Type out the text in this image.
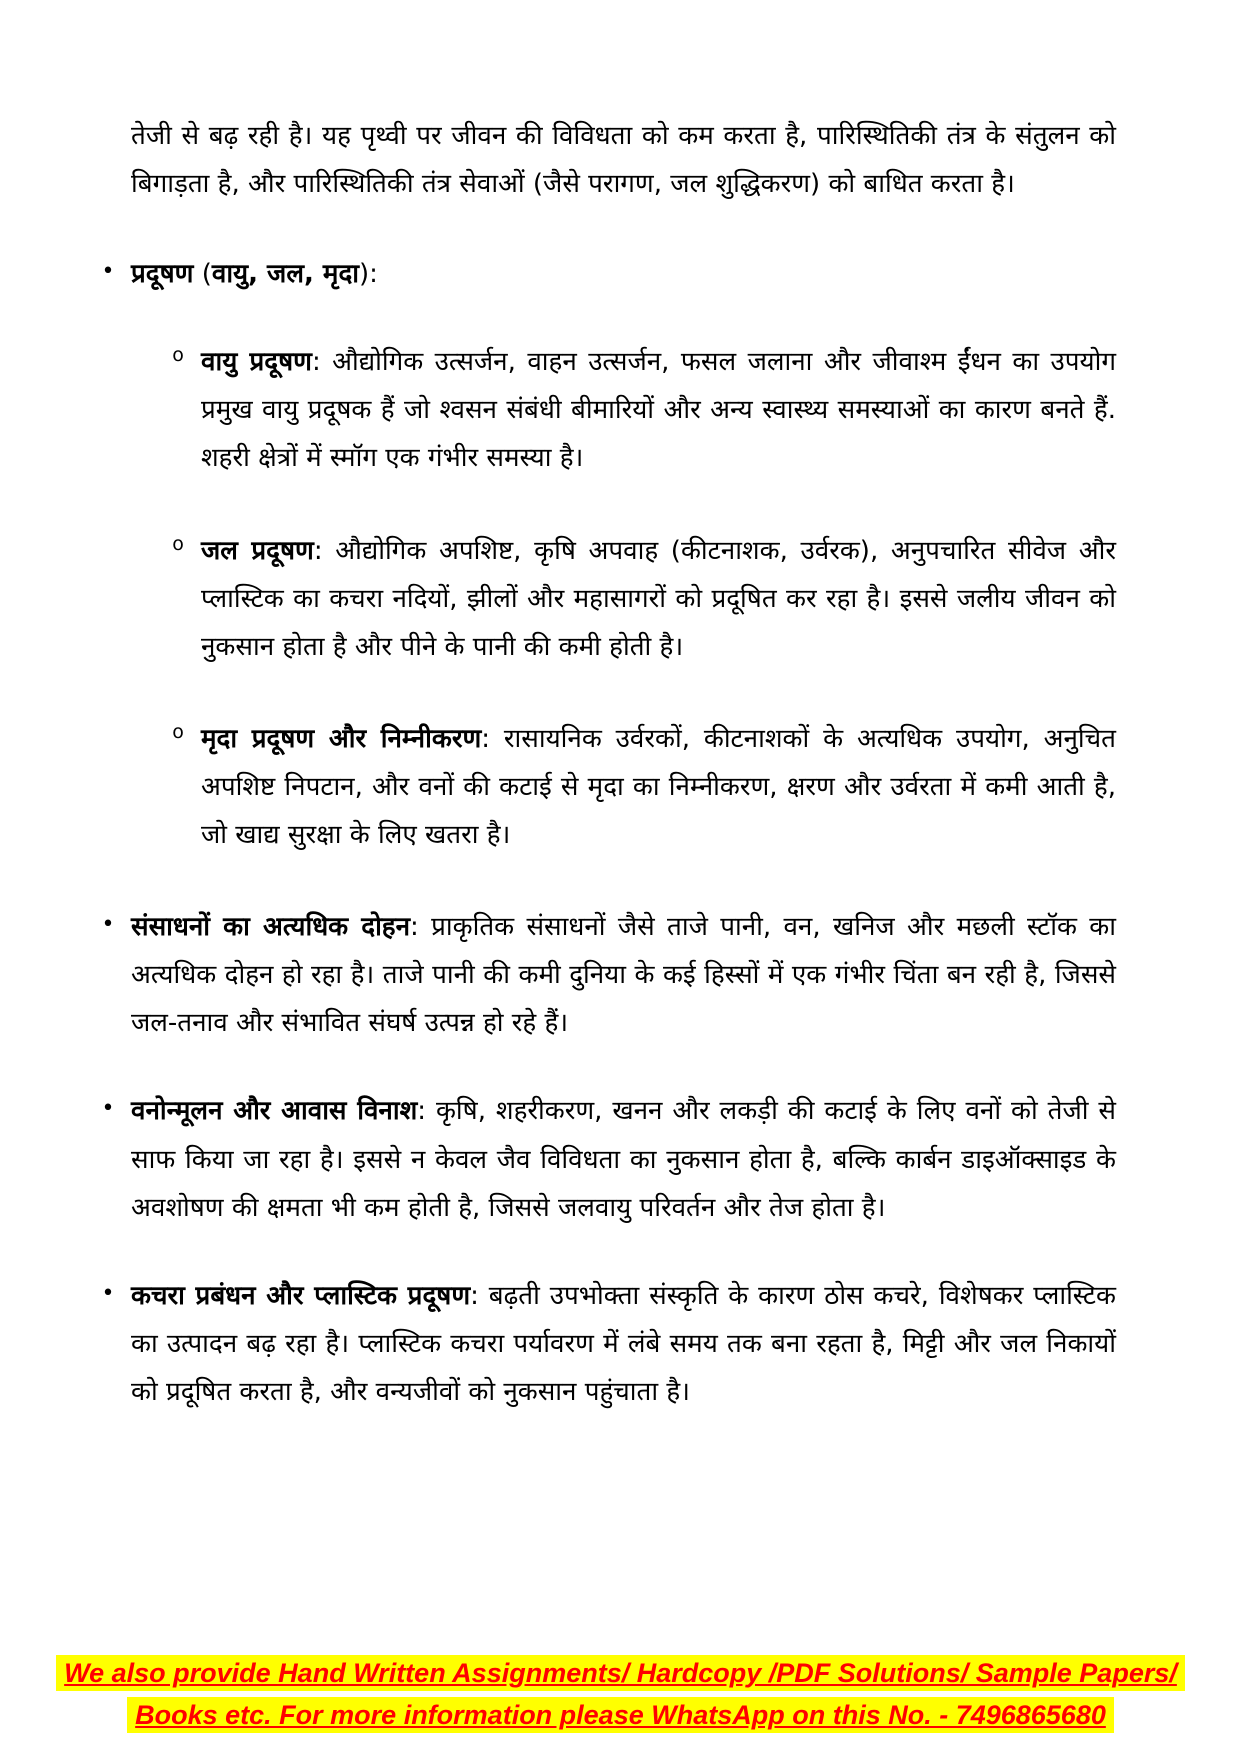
तेजी से बढ़ रही है। यह पृथ्वी पर जीवन की विविधता को कम करता है, पारिस्थितिकी तंत्र के संतुलन को बिगाड़ता है, और पारिस्थितिकी तंत्र सेवाओं (जैसे परागण, जल शुद्धिकरण) को बाधित करता है।

• प्रदूषण (वायु, जल, मृदा):
o वायु प्रदूषण: औद्योगिक उत्सर्जन, वाहन उत्सर्जन, फसल जलाना और जीवाश्म ईंधन का उपयोग प्रमुख वायु प्रदूषक हैं जो श्वसन संबंधी बीमारियों और अन्य स्वास्थ्य समस्याओं का कारण बनते हैं. शहरी क्षेत्रों में स्मॉग एक गंभीर समस्या है।
o जल प्रदूषण: औद्योगिक अपशिष्ट, कृषि अपवाह (कीटनाशक, उर्वरक), अनुपचारित सीवेज और प्लास्टिक का कचरा नदियों, झीलों और महासागरों को प्रदूषित कर रहा है। इससे जलीय जीवन को नुकसान होता है और पीने के पानी की कमी होती है।
o मृदा प्रदूषण और निम्नीकरण: रासायनिक उर्वरकों, कीटनाशकों के अत्यधिक उपयोग, अनुचित अपशिष्ट निपटान, और वनों की कटाई से मृदा का निम्नीकरण, क्षरण और उर्वरता में कमी आती है, जो खाद्य सुरक्षा के लिए खतरा है।
• संसाधनों का अत्यधिक दोहन: प्राकृतिक संसाधनों जैसे ताजे पानी, वन, खनिज और मछली स्टॉक का अत्यधिक दोहन हो रहा है। ताजे पानी की कमी दुनिया के कई हिस्सों में एक गंभीर चिंता बन रही है, जिससे जल-तनाव और संभावित संघर्ष उत्पन्न हो रहे हैं।
• वनोन्मूलन और आवास विनाश: कृषि, शहरीकरण, खनन और लकड़ी की कटाई के लिए वनों को तेजी से साफ किया जा रहा है। इससे न केवल जैव विविधता का नुकसान होता है, बल्कि कार्बन डाइऑक्साइड के अवशोषण की क्षमता भी कम होती है, जिससे जलवायु परिवर्तन और तेज होता है।
• कचरा प्रबंधन और प्लास्टिक प्रदूषण: बढ़ती उपभोक्ता संस्कृति के कारण ठोस कचरे, विशेषकर प्लास्टिक का उत्पादन बढ़ रहा है। प्लास्टिक कचरा पर्यावरण में लंबे समय तक बना रहता है, मिट्टी और जल निकायों को प्रदूषित करता है, और वन्यजीवों को नुकसान पहुंचाता है।
We also provide Hand Written Assignments/ Hardcopy /PDF Solutions/ Sample Papers/
Books etc. For more information please WhatsApp on this No. - 7496865680
